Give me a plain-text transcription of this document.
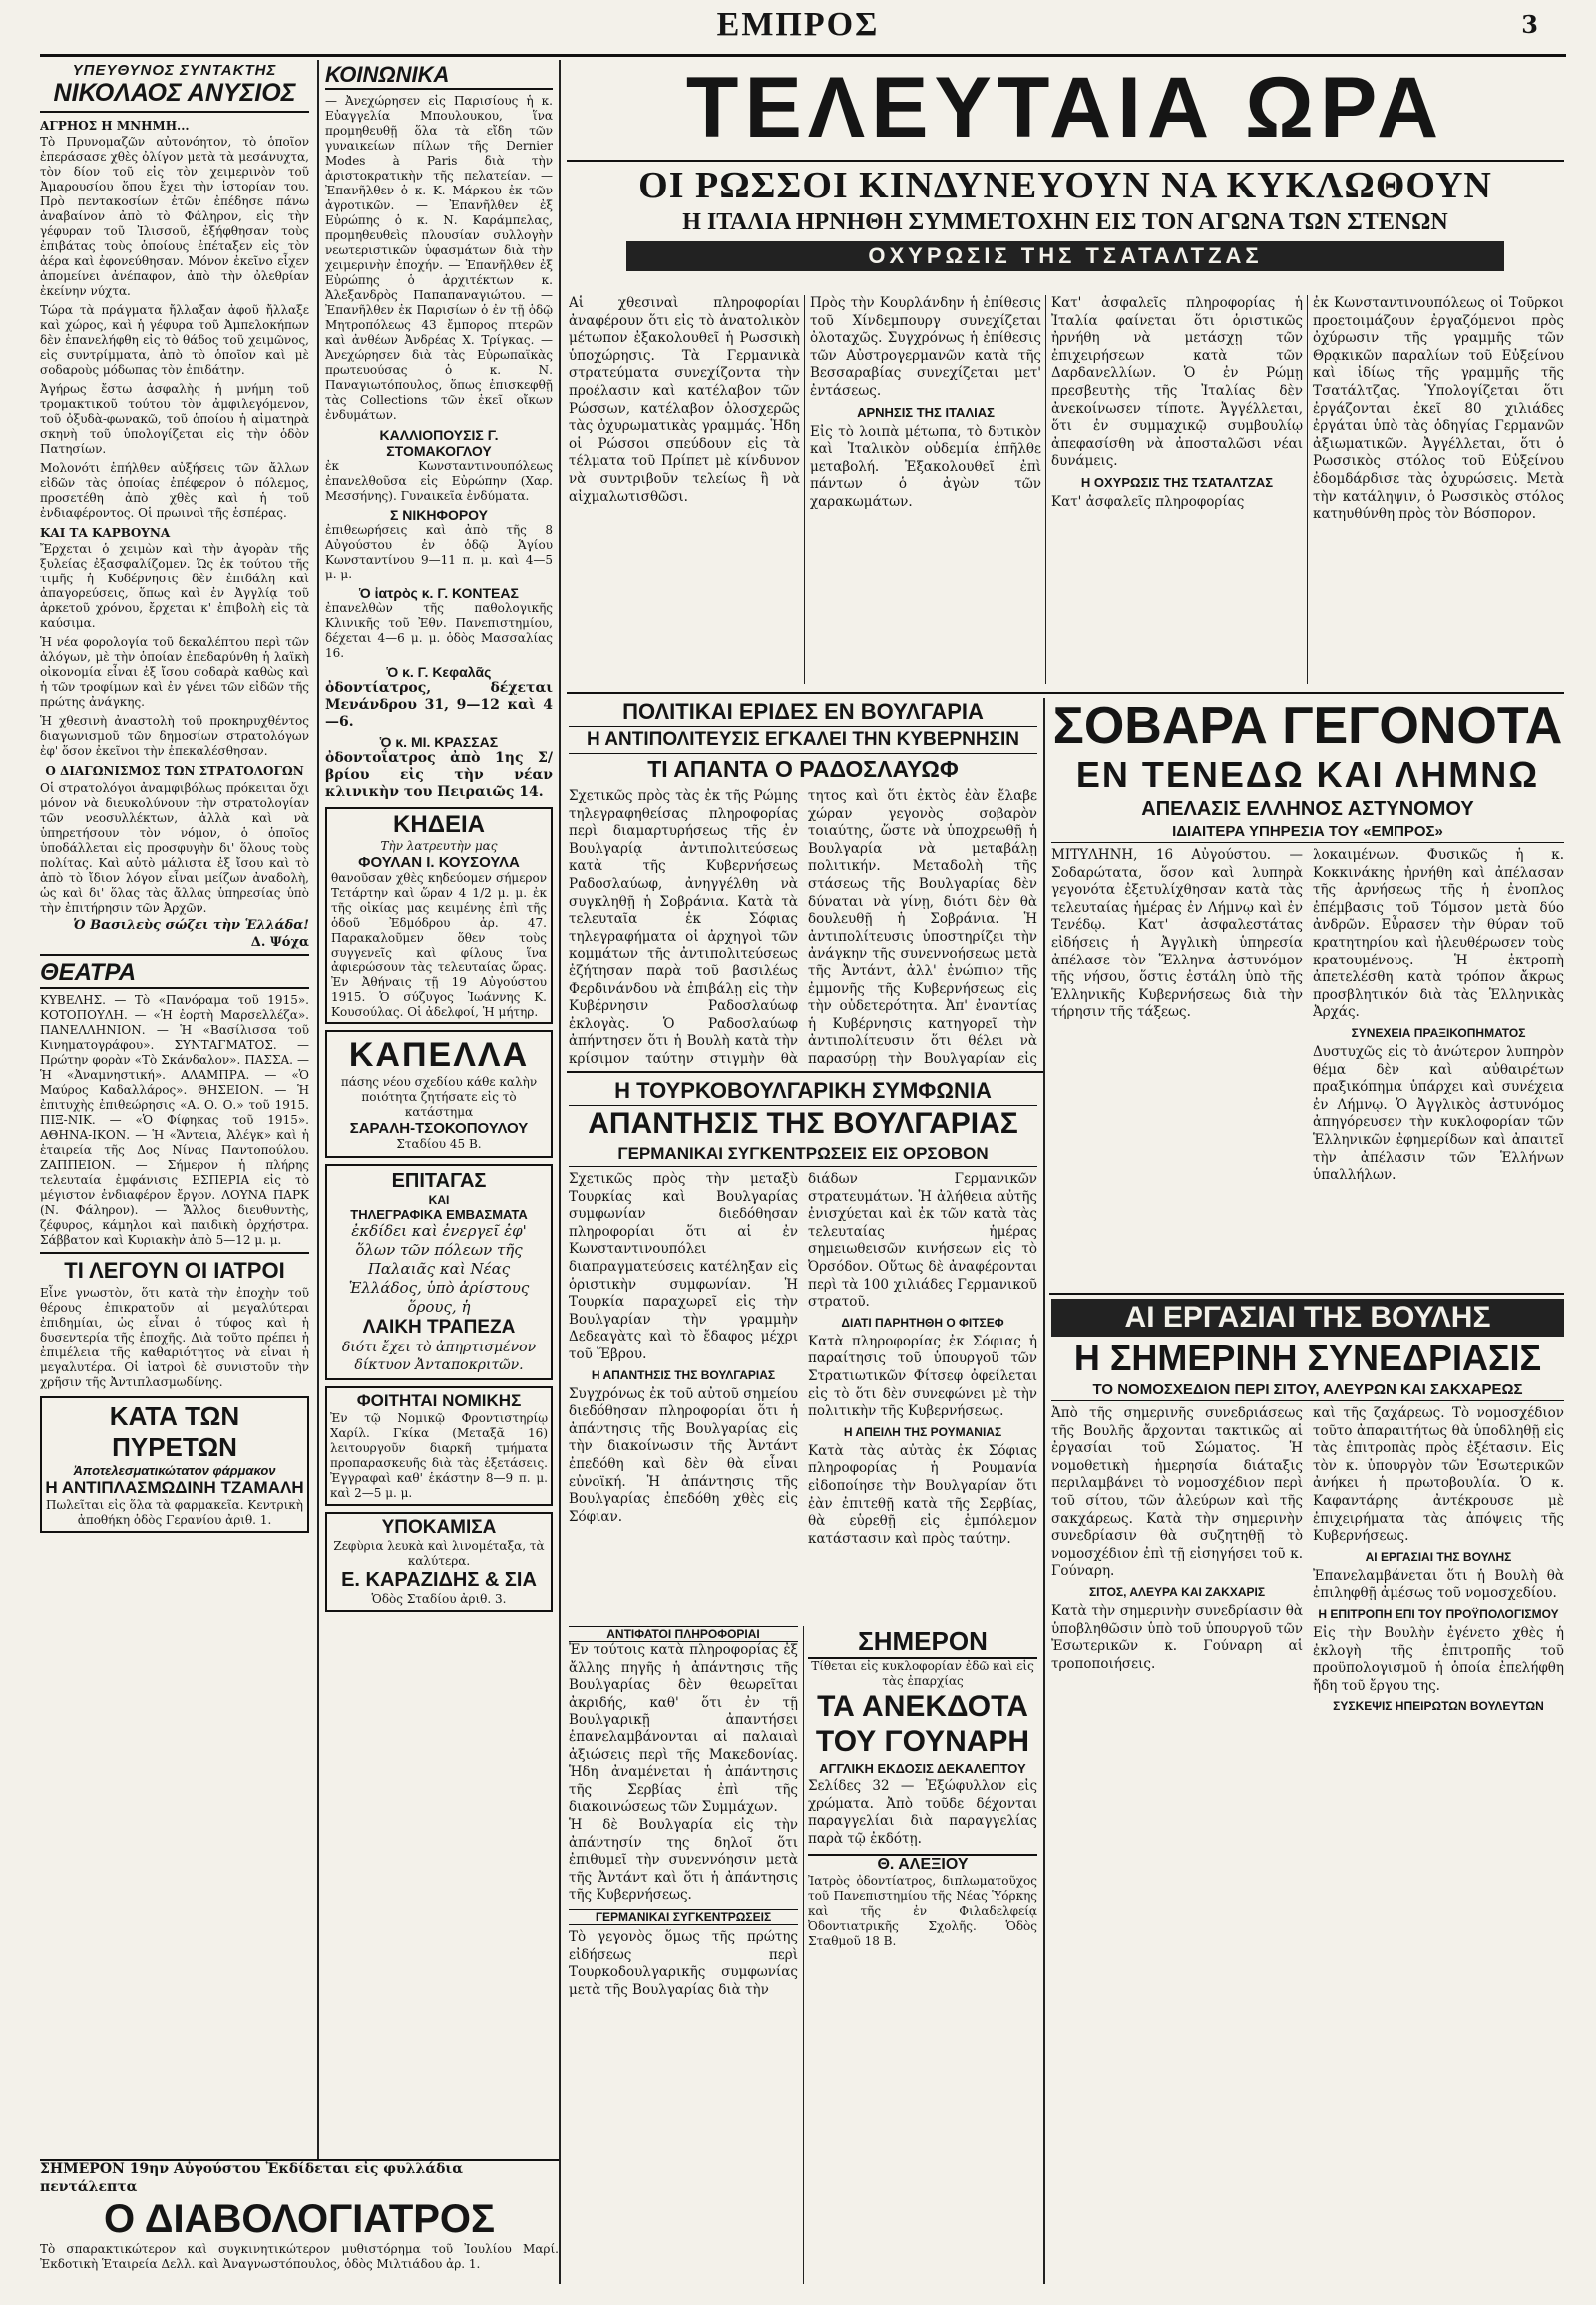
ΕΜΠΡΟΣ	3

ΥΠΕΥΘΥΝΟΣ ΣΥΝΤΑΚΤΗΣ

ΝΙΚΟΛΑΟΣ ΑΝΥΣΙΟΣ

ΑΓΡΗΟΣ Η ΜΝΗΜΗ...

Τὸ Πρυνομαζῶν αὐτονόητον, τὸ ὁποῖον ἐπεράσασε χθὲς ὀλίγον μετὰ τὰ μεσάνυχτα, τὸν δίον τοῦ εἰς τὸν χειμερινὸν τοῦ Ἀμαρουσίου ὅπου ἔχει τὴν ἱστορίαν του. Πρὸ πεντακοσίων ἐτῶν ἐπέδησε πάνω ἀναβαίνον ἀπὸ τὸ Φάληρον, εἰς τὴν γέφυραν τοῦ Ἰλισσοῦ, ἐξήφθησαν τοὺς ἐπιβάτας τοὺς ὁποίους ἐπέταξεν εἰς τὸν ἀέρα καὶ ἐφονεύθησαν. Μόνον ἐκεῖνο εἶχεν ἀπομείνει ἀνέπαφον, ἀπὸ τὴν ὀλεθρίαν ἐκείνην νύχτα.

Τώρα τὰ πράγματα ἤλλαξαν ἀφοῦ ἤλλαξε καὶ χώρος, καὶ ἡ γέφυρα τοῦ Ἀμπελοκήπων δὲν ἐπανελήφθη εἰς τὸ θάδος τοῦ χειμῶνος, εἰς συντρίμματα, ἀπὸ τὸ ὁποῖον καὶ μὲ σοδαροὺς μόδωπας τὸν ἐπιδάτην.

Ἀγήρως ἔστω ἀσφαλὴς ἡ μνήμη τοῦ τρομακτικοῦ τούτου τὸν ἀμφιλεγόμενον, τοῦ ὀξυδὰ-φωνακῶ, τοῦ ὁποίου ἡ αἰματηρὰ σκηνὴ τοῦ ὑπολογίζεται εἰς τὴν ὁδὸν Πατησίων.

Μολονότι ἐπήλθεν αὐξήσεις τῶν ἄλλων εἰδῶν τὰς ὁποίας ἐπέφερον ὁ πόλεμος, προσετέθη ἀπὸ χθὲς καὶ ἡ τοῦ ἐνδιαφέροντος. Οἱ πρωινοὶ τῆς ἑσπέρας.

ΚΑΙ ΤΑ ΚΑΡΒΟΥΝΑ

Ἔρχεται ὁ χειμὼν καὶ τὴν ἀγορὰν τῆς ξυλείας ἐξασφαλίζομεν. Ὡς ἐκ τούτου τῆς τιμῆς ἡ Κυδέρνησις δὲν ἐπιδάλη καὶ ἀπαγορεύσεις, ὅπως καὶ ἐν Ἀγγλίᾳ τοῦ ἀρκετοῦ χρόνου, ἔρχεται κ' ἐπιβολὴ εἰς τὰ καύσιμα.

Ἡ νέα φορολογία τοῦ δεκαλέπτου περὶ τῶν ἀλόγων, μὲ τὴν ὁποίαν ἐπεδαρύνθη ἡ λαϊκὴ οἰκονομία εἶναι ἐξ ἴσου σοδαρὰ καθὼς καὶ ἡ τῶν τροφίμων καὶ ἐν γένει τῶν εἰδῶν τῆς πρώτης ἀνάγκης.

Ἡ χθεσινὴ ἀναστολὴ τοῦ προκηρυχθέντος διαγωνισμοῦ τῶν δημοσίων στρατολόγων ἐφ' ὅσον ἐκεῖνοι τὴν ἐπεκαλέσθησαν.

Ο ΔΙΑΓΩΝΙΣΜΟΣ ΤΩΝ ΣΤΡΑΤΟΛΟΓΩΝ

Οἱ στρατολόγοι ἀναμφιβόλως πρόκειται ὄχι μόνον νὰ διευκολύνουν τὴν στρατολογίαν τῶν νεοσυλλέκτων, ἀλλὰ καὶ νὰ ὑπηρετήσουν τὸν νόμον, ὁ ὁποῖος ὑποδάλλεται εἰς προσφυγὴν δι' ὅλους τοὺς πολίτας. Καὶ αὐτὸ μάλιστα ἐξ ἴσου καὶ τὸ ἀπὸ τὸ ἴδιον λόγον εἶναι μείζων ἀναδολὴ, ὡς καὶ δι' ὅλας τὰς ἄλλας ὑπηρεσίας ὑπὸ τὴν ἐπιτήρησιν τῶν Ἀρχῶν.

Ὁ Βασιλεὺς σώζει τὴν Ἑλλάδα!

Δ. Ψόχα

ΘΕΑΤΡΑ

ΚΥΒΕΛΗΣ. — Τὸ «Πανόραμα τοῦ 1915». ΚΟΤΟΠΟΥΛΗ. — «Ἡ ἐορτὴ Μαρσελλέζα». ΠΑΝΕΛΛΗΝΙΟΝ. — Ἡ «Βασίλισσα τοῦ Κινηματογράφου». ΣΥΝΤΑΓΜΑΤΟΣ. — Πρώτην φορὰν «Τὸ Σκάνδαλον». ΠΑΣΣΑ. — Ἡ «Ἀναμνηστική». ΑΛΑΜΠΡΑ. — «Ὁ Μαύρος Καδαλλάρος». ΘΗΣΕΙΟΝ. — Ἡ ἐπιτυχὴς ἐπιθεώρησις «Α. Ο. Ο.» τοῦ 1915. ΠΙΞ-ΝΙΚ. — «Ὁ Φίφηκας τοῦ 1915». ΑΘΗΝΑ-ΙΚΟΝ. — Ἡ «Ἄντεια, Ἀλέγκ» καὶ ἡ ἑταιρεία τῆς Δος Νίνας Παντοπούλου. ΖΑΠΠΕΙΟΝ. — Σήμερον ἡ πλήρης τελευταία ἐμφάνισις ΕΣΠΕΡΙΑ εἰς τὸ μέγιστον ἐνδιαφέρον ἔργον. ΛΟΥΝΑ ΠΑΡΚ (Ν. Φάληρον). — Ἄλλος διευθυντὴς, ζέφυρος, κάμηλοι καὶ παιδικὴ ὀρχήστρα. Σάββατον καὶ Κυριακὴν ἀπὸ 5—12 μ. μ.

ΤΙ ΛΕΓΟΥΝ ΟΙ ΙΑΤΡΟΙ

Εἶνε γνωστὸν, ὅτι κατὰ τὴν ἐποχὴν τοῦ θέρους ἐπικρατοῦν αἱ μεγαλύτεραι ἐπιδημίαι, ὡς εἶναι ὁ τύφος καὶ ἡ δυσεντερία τῆς ἐποχῆς. Διὰ τοῦτο πρέπει ἡ ἐπιμέλεια τῆς καθαριότητος νὰ εἶναι ἡ μεγαλυτέρα. Οἱ ἰατροὶ δὲ συνιστοῦν τὴν χρῆσιν τῆς Ἀντιπλασμωδίνης.

ΚΑΤΑ ΤΩΝ ΠΥΡΕΤΩΝ

Ἀποτελεσματικώτατον φάρμακον

Η ΑΝΤΙΠΛΑΣΜΩΔΙΝΗ ΤΖΑΜΑΛΗ

Πωλεῖται εἰς ὅλα τὰ φαρμακεῖα. Κεντρικὴ ἀποθήκη ὁδὸς Γερανίου ἀριθ. 1.

ΣΗΜΕΡΟΝ 19ην Αὐγούστου Ἐκδίδεται εἰς φυλλάδια πεντάλεπτα

Ο ΔΙΑΒΟΛΟΓΙΑΤΡΟΣ

Τὸ σπαρακτικώτερον καὶ συγκινητικώτερον μυθιστόρημα τοῦ Ἰουλίου Μαρί. Ἐκδοτικὴ Ἑταιρεία Δελλ. καὶ Ἀναγνωστόπουλος, ὁδὸς Μιλτιάδου ἀρ. 1.

ΚΟΙΝΩΝΙΚΑ

— Ἀνεχώρησεν εἰς Παρισίους ἡ κ. Εὐαγγελία Μπουλουκου, ἵνα προμηθευθῇ ὅλα τὰ εἴδη τῶν γυναικείων πίλων τῆς Dernier Modes à Paris διὰ τὴν ἀριστοκρατικὴν τῆς πελατείαν. — Ἐπανῆλθεν ὁ κ. Κ. Μάρκου ἐκ τῶν ἀγροτικῶν. — Ἐπανῆλθεν ἐξ Εὐρώπης ὁ κ. Ν. Καράμπελας, προμηθευθεὶς πλουσίαν συλλογὴν νεωτεριστικῶν ὑφασμάτων διὰ τὴν χειμερινὴν ἐποχήν. — Ἐπανῆλθεν ἐξ Εὐρώπης ὁ ἀρχιτέκτων κ. Ἀλεξανδρὸς Παπαπαναγιώτου. — Ἐπανῆλθεν ἐκ Παρισίων ὁ ἐν τῇ ὁδῷ Μητροπόλεως 43 ἔμπορος πτερῶν καὶ ἀνθέων Ἀνδρέας Χ. Τρίγκας. — Ἀνεχώρησεν διὰ τὰς Εὐρωπαϊκὰς πρωτευούσας ὁ κ. Ν. Παναγιωτόπουλος, ὅπως ἐπισκεφθῇ τὰς Collections τῶν ἐκεῖ οἴκων ἐνδυμάτων.

ΚΑΛΛΙΟΠΟΥΣΙΣ Γ. ΣΤΟΜΑΚΟΓΛΟΥ

ἐκ Κωνσταντινουπόλεως ἐπανελθοῦσα εἰς Εὐρώπην (Χαρ. Μεσσήνης). Γυναικεῖα ἐνδύματα.

Σ ΝΙΚΗΦΟΡΟΥ

ἐπιθεωρήσεις καὶ ἀπὸ τῆς 8 Αὐγούστου ἐν ὁδῷ Ἁγίου Κωνσταντίνου 9—11 π. μ. καὶ 4—5 μ. μ.

Ὁ ἰατρὸς κ. Γ. ΚΟΝΤΕΑΣ

ἐπανελθὼν τῆς παθολογικῆς Κλινικῆς τοῦ Ἐθν. Πανεπιστημίου, δέχεται 4—6 μ. μ. ὁδὸς Μασσαλίας 16.

Ὁ κ. Γ. Κεφαλᾶς

ὀδοντίατρος, δέχεται Μενάνδρου 31, 9—12 καὶ 4—6.

Ὁ κ. ΜΙ. ΚΡΑΣΣΑΣ

ὀδοντοΐατρος ἀπὸ 1ης Σ/βρίου εἰς τὴν νέαν κλινικὴν του Πειραιῶς 14.

ΚΗΔΕΙΑ

Τὴν λατρευτὴν μας

ΦΟΥΛΑΝ Ι. ΚΟΥΣΟΥΛΑ

θανοῦσαν χθὲς κηδεύομεν σήμερον Τετάρτην καὶ ὥραν 4 1/2 μ. μ. ἐκ τῆς οἰκίας μας κειμένης ἐπὶ τῆς ὁδοῦ Ἐδμόδρου ἀρ. 47. Παρακαλοῦμεν ὅθεν τοὺς συγγενεῖς καὶ φίλους ἵνα ἀφιερώσουν τὰς τελευταίας ὥρας. Ἐν Ἀθήναις τῇ 19 Αὐγούστου 1915. Ὁ σύζυγος Ἰωάννης Κ. Κουσούλας. Οἱ ἀδελφοί, Ἡ μήτηρ.

ΚΑΠΕΛΛΑ

πάσης νέου σχεδίου κάθε καλὴν ποιότητα ζητήσατε εἰς τὸ κατάστημα

ΣΑΡΑΛΗ-ΤΣΟΚΟΠΟΥΛΟΥ

Σταδίου 45 Β.

ΕΠΙΤΑΓΑΣ

ΚΑΙ

ΤΗΛΕΓΡΑΦΙΚΑ ΕΜΒΑΣΜΑΤΑ

ἐκδίδει καὶ ἐνεργεῖ ἐφ' ὅλων τῶν πόλεων τῆς Παλαιᾶς καὶ Νέας Ἑλλάδος, ὑπὸ ἀρίστους ὅρους, ἡ

ΛΑΙΚΗ ΤΡΑΠΕΖΑ

διότι ἔχει τὸ ἀπηρτισμένον δίκτυον Ἀνταποκριτῶν.

ΦΟΙΤΗΤΑΙ ΝΟΜΙΚΗΣ

Ἐν τῷ Νομικῷ Φροντιστηρίῳ Χαρίλ. Γκίκα (Μεταξᾶ 16) λειτουργοῦν διαρκῆ τμήματα προπαρασκευῆς διὰ τὰς ἐξετάσεις. Ἐγγραφαὶ καθ' ἑκάστην 8—9 π. μ. καὶ 2—5 μ. μ.

ΥΠΟΚΑΜΙΣΑ

Ζεφὺρια λευκὰ καὶ λινομέταξα, τὰ καλύτερα.

Ε. ΚΑΡΑΖΙΔΗΣ & ΣΙΑ

Ὁδὸς Σταδίου ἀριθ. 3.

ΤΕΛΕΥΤΑΙΑ ΩΡΑ

ΟΙ ΡΩΣΣΟΙ ΚΙΝΔΥΝΕΥΟΥΝ ΝΑ ΚΥΚΛΩΘΟΥΝ

Η ΙΤΑΛΙΑ ΗΡΝΗΘΗ ΣΥΜΜΕΤΟΧΗΝ ΕΙΣ ΤΟΝ ΑΓΩΝΑ ΤΩΝ ΣΤΕΝΩΝ

ΟΧΥΡΩΣΙΣ ΤΗΣ ΤΣΑΤΑΛΤΖΑΣ

Αἱ χθεσιναὶ πληροφορίαι ἀναφέρουν ὅτι εἰς τὸ ἀνατολικὸν μέτωπον ἐξακολουθεῖ ἡ Ρωσσικὴ ὑποχώρησις. Τὰ Γερμανικὰ στρατεύματα συνεχίζοντα τὴν προέλασιν καὶ κατέλαβον τῶν Ρώσσων, κατέλαβον ὁλοσχερῶς τὰς ὀχυρωματικὰς γραμμάς. Ἡδη οἱ Ρώσσοι σπεύδουν εἰς τὰ τέλματα τοῦ Πρίπετ μὲ κίνδυνον νὰ συντριβοῦν τελείως ἢ νὰ αἰχμαλωτισθῶσι.

Πρὸς τὴν Κουρλάνδην ἡ ἐπίθεσις τοῦ Χίνδεμπουργ συνεχίζεται ὀλοταχῶς. Συγχρόνως ἡ ἐπίθεσις τῶν Αὐστρογερμανῶν κατὰ τῆς Βεσσαραβίας συνεχίζεται μετ' ἐντάσεως.

ΑΡΝΗΣΙΣ ΤΗΣ ΙΤΑΛΙΑΣ

Εἰς τὸ λοιπὰ μέτωπα, τὸ δυτικὸν καὶ Ἰταλικὸν οὐδεμία ἐπῆλθε μεταβολή. Ἐξακολουθεῖ ἐπὶ πάντων ὁ ἀγὼν τῶν χαρακωμάτων.

Κατ' ἀσφαλεῖς πληροφορίας ἡ Ἰταλία φαίνεται ὅτι ὁριστικῶς ἠρνήθη νὰ μετάσχῃ τῶν ἐπιχειρήσεων κατὰ τῶν Δαρδανελλίων. Ὁ ἐν Ρώμῃ πρεσβευτὴς τῆς Ἰταλίας δὲν ἀνεκοίνωσεν τίποτε. Ἀγγέλλεται, ὅτι ἐν συμμαχικῷ συμβουλίῳ ἀπεφασίσθη νὰ ἀποσταλῶσι νέαι δυνάμεις.

Η ΟΧΥΡΩΣΙΣ ΤΗΣ ΤΣΑΤΑΛΤΖΑΣ

Κατ' ἀσφαλεῖς πληροφορίας

ἐκ Κωνσταντινουπόλεως οἱ Τοῦρκοι προετοιμάζουν ἐργαζόμενοι πρὸς ὀχύρωσιν τῆς γραμμῆς τῶν Θρᾳκικῶν παραλίων τοῦ Εὐξείνου καὶ ἰδίως τῆς γραμμῆς τῆς Τσατάλτζας. Ὑπολογίζεται ὅτι ἐργάζονται ἐκεῖ 80 χιλιάδες ἐργάται ὑπὸ τὰς ὁδηγίας Γερμανῶν ἀξιωματικῶν. Ἀγγέλλεται, ὅτι ὁ Ρωσσικὸς στόλος τοῦ Εὐξείνου ἐδομδάρδισε τὰς ὀχυρώσεις. Μετὰ τὴν κατάληψιν, ὁ Ρωσσικὸς στόλος κατηυθύνθη πρὸς τὸν Βόσπορον.

ΠΟΛΙΤΙΚΑΙ ΕΡΙΔΕΣ ΕΝ ΒΟΥΛΓΑΡΙΑ

Η ΑΝΤΙΠΟΛΙΤΕΥΣΙΣ ΕΓΚΑΛΕΙ ΤΗΝ ΚΥΒΕΡΝΗΣΙΝ

ΤΙ ΑΠΑΝΤΑ Ο ΡΑΔΟΣΛΑΥΩΦ

Σχετικῶς πρὸς τὰς ἐκ τῆς Ρώμης τηλεγραφηθείσας πληροφορίας περὶ διαμαρτυρήσεως τῆς ἐν Βουλγαρίᾳ ἀντιπολιτεύσεως κατὰ τῆς Κυβερνήσεως Ραδοσλαύωφ, ἀνηγγέλθη νὰ συγκληθῇ ἡ Σοβράνια. Κατὰ τὰ τελευταῖα ἐκ Σόφιας τηλεγραφήματα οἱ ἀρχηγοὶ τῶν κομμάτων τῆς ἀντιπολιτεύσεως ἐζήτησαν παρὰ τοῦ βασιλέως Φερδινάνδου νὰ ἐπιβάλῃ εἰς τὴν Κυβέρνησιν Ραδοσλαύωφ ἐκλογὰς. Ὁ Ραδοσλαύωφ ἀπήντησεν ὅτι ἡ Βουλὴ κατὰ τὴν κρίσιμον ταύτην στιγμὴν θὰ

τητος καὶ ὅτι ἐκτὸς ἐὰν ἔλαβε χώραν γεγονὸς σοβαρὸν τοιαύτης, ὥστε νὰ ὑποχρεωθῇ ἡ Βουλγαρία νὰ μεταβάλῃ πολιτικήν. Μεταδολὴ τῆς στάσεως τῆς Βουλγαρίας δὲν δύναται νὰ γίνῃ, διότι δὲν θὰ δουλευθῇ ἡ Σοβράνια. Ἡ ἀντιπολίτευσις ὑποστηρίζει τὴν ἀνάγκην τῆς συνεννοήσεως μετὰ τῆς Ἀντάντ, ἀλλ' ἐνώπιον τῆς ἐμμονῆς τῆς Κυβερνήσεως εἰς τὴν οὐδετερότητα. Ἀπ' ἐναντίας ἡ Κυβέρνησις κατηγορεῖ τὴν ἀντιπολίτευσιν ὅτι θέλει νὰ παρασύρῃ τὴν Βουλγαρίαν εἰς

ΣΟΒΑΡΑ ΓΕΓΟΝΟΤΑ

ΕΝ ΤΕΝΕΔΩ ΚΑΙ ΛΗΜΝΩ

ΑΠΕΛΑΣΙΣ ΕΛΛΗΝΟΣ ΑΣΤΥΝΟΜΟΥ

ΙΔΙΑΙΤΕΡΑ ΥΠΗΡΕΣΙΑ ΤΟΥ «ΕΜΠΡΟΣ»

ΜΙΤΥΛΗΝΗ, 16 Αὐγούστου. — Σοδαρώτατα, ὅσον καὶ λυπηρὰ γεγονότα ἐξετυλίχθησαν κατὰ τὰς τελευταίας ἡμέρας ἐν Λήμνῳ καὶ ἐν Τενέδῳ. Κατ' ἀσφαλεστάτας εἰδήσεις ἡ Ἀγγλικὴ ὑπηρεσία ἀπέλασε τὸν Ἕλληνα ἀστυνόμον τῆς νήσου, ὅστις ἐστάλη ὑπὸ τῆς Ἑλληνικῆς Κυβερνήσεως διὰ τὴν τήρησιν τῆς τάξεως.

λοκαιμένων. Φυσικῶς ἡ κ. Κοκκινάκης ἠρνήθη καὶ ἀπέλασαν τῆς ἀρνήσεως τῆς ἡ ἐνοπλος ἐπέμβασις τοῦ Τόμσον μετὰ δύο ἀνδρῶν. Εὗρασεν τὴν θύραν τοῦ κρατητηρίου καὶ ἠλευθέρωσεν τοὺς κρατουμένους. Ἡ ἐκτροπὴ ἀπετελέσθη κατὰ τρόπον ἄκρως προσβλητικόν διὰ τὰς Ἑλληνικὰς Ἀρχάς.

ΣΥΝΕΧΕΙΑ ΠΡΑΞΙΚΟΠΗΜΑΤΟΣ

Δυστυχῶς εἰς τὸ ἀνώτερον λυπηρὸν θέμα δὲν καὶ αὐθαιρέτων πραξικόπημα ὑπάρχει καὶ συνέχεια ἐν Λήμνῳ. Ὁ Ἀγγλικὸς ἀστυνόμος ἀπηγόρευσεν τὴν κυκλοφορίαν τῶν Ἑλληνικῶν ἐφημερίδων καὶ ἀπαιτεῖ τὴν ἀπέλασιν τῶν Ἑλλήνων ὑπαλλήλων.

Η ΤΟΥΡΚΟΒΟΥΛΓΑΡΙΚΗ ΣΥΜΦΩΝΙΑ

ΑΠΑΝΤΗΣΙΣ ΤΗΣ ΒΟΥΛΓΑΡΙΑΣ

ΓΕΡΜΑΝΙΚΑΙ ΣΥΓΚΕΝΤΡΩΣΕΙΣ ΕΙΣ ΟΡΣΟΒΟΝ

Σχετικῶς πρὸς τὴν μεταξὺ Τουρκίας καὶ Βουλγαρίας συμφωνίαν διεδόθησαν πληροφορίαι ὅτι αἱ ἐν Κωνσταντινουπόλει διαπραγματεύσεις κατέληξαν εἰς ὁριστικὴν συμφωνίαν. Ἡ Τουρκία παραχωρεῖ εἰς τὴν Βουλγαρίαν τὴν γραμμὴν Δεδεαγὰτς καὶ τὸ ἔδαφος μέχρι τοῦ Ἕβρου.

Η ΑΠΑΝΤΗΣΙΣ ΤΗΣ ΒΟΥΛΓΑΡΙΑΣ

Συγχρόνως ἐκ τοῦ αὐτοῦ σημείου διεδόθησαν πληροφορίαι ὅτι ἡ ἀπάντησις τῆς Βουλγαρίας εἰς τὴν διακοίνωσιν τῆς Ἀντάντ ἐπεδόθη καὶ δὲν θὰ εἶναι εὐνοϊκή. Ἡ ἀπάντησις τῆς Βουλγαρίας ἐπεδόθη χθὲς εἰς Σόφιαν.

διάδων Γερμανικῶν στρατευμάτων. Ἡ ἀλήθεια αὐτῆς ἐνισχύεται καὶ ἐκ τῶν κατὰ τὰς τελευταίας ἡμέρας σημειωθεισῶν κινήσεων εἰς τὸ Ὀρσόδον. Οὕτως δὲ ἀναφέρονται περὶ τὰ 100 χιλιάδες Γερμανικοῦ στρατοῦ.

ΔΙΑΤΙ ΠΑΡΗΤΗΘΗ Ο ΦΙΤΣΕΦ

Κατὰ πληροφορίας ἐκ Σόφιας ἡ παραίτησις τοῦ ὑπουργοῦ τῶν Στρατιωτικῶν Φίτσεφ ὀφείλεται εἰς τὸ ὅτι δὲν συνεφώνει μὲ τὴν πολιτικὴν τῆς Κυβερνήσεως.

Η ΑΠΕΙΛΗ ΤΗΣ ΡΟΥΜΑΝΙΑΣ

Κατὰ τὰς αὐτὰς ἐκ Σόφιας πληροφορίας ἡ Ρουμανία εἰδοποίησε τὴν Βουλγαρίαν ὅτι ἐὰν ἐπιτεθῇ κατὰ τῆς Σερβίας, θὰ εὑρεθῇ εἰς ἐμπόλεμον κατάστασιν καὶ πρὸς ταύτην.

ΑΝΤΙΦΑΤΟΙ ΠΛΗΡΟΦΟΡΙΑΙ

Ἐν τούτοις κατὰ πληροφορίας ἐξ ἄλλης πηγῆς ἡ ἀπάντησις τῆς Βουλγαρίας δὲν θεωρεῖται ἀκριδής, καθ' ὅτι ἐν τῇ Βουλγαρικῇ ἀπαντήσει ἐπανελαμβάνονται αἱ παλαιαὶ ἀξιώσεις περὶ τῆς Μακεδονίας. Ἡδη ἀναμένεται ἡ ἀπάντησις τῆς Σερβίας ἐπὶ τῆς διακοινώσεως τῶν Συμμάχων.

Ἡ δὲ Βουλγαρία εἰς τὴν ἀπάντησίν της δηλοῖ ὅτι ἐπιθυμεῖ τὴν συνεννόησιν μετὰ τῆς Ἀντάντ καὶ ὅτι ἡ ἀπάντησις τῆς Κυβερνήσεως.

ΓΕΡΜΑΝΙΚΑΙ ΣΥΓΚΕΝΤΡΩΣΕΙΣ

Τὸ γεγονὸς ὅμως τῆς πρώτης εἰδήσεως περὶ Τουρκοδουλγαρικῆς συμφωνίας μετὰ τῆς Βουλγαρίας διὰ τὴν

ΣΗΜΕΡΟΝ

Τίθεται εἰς κυκλοφορίαν ἐδῶ καὶ εἰς τὰς ἐπαρχίας

ΤΑ ΑΝΕΚΔΟΤΑ

ΤΟΥ ΓΟΥΝΑΡΗ

ΑΓΓΛΙΚΗ ΕΚΔΟΣΙΣ ΔΕΚΑΛΕΠΤΟΥ

Σελίδες 32 — Ἐξώφυλλον εἰς χρώματα. Ἀπὸ τοῦδε δέχονται παραγγελίαι διὰ παραγγελίας παρὰ τῷ ἐκδότῃ.

Θ. ΑΛΕΞΙΟΥ

Ἰατρὸς ὀδοντίατρος, διπλωματοῦχος τοῦ Πανεπιστημίου τῆς Νέας Ὑόρκης καὶ τῆς ἐν Φιλαδελφείᾳ Ὀδοντιατρικῆς Σχολῆς. Ὁδὸς Σταθμοῦ 18 Β.

ΑΙ ΕΡΓΑΣΙΑΙ ΤΗΣ ΒΟΥΛΗΣ

Η ΣΗΜΕΡΙΝΗ ΣΥΝΕΔΡΙΑΣΙΣ

ΤΟ ΝΟΜΟΣΧΕΔΙΟΝ ΠΕΡΙ ΣΙΤΟΥ, ΑΛΕΥΡΩΝ ΚΑΙ ΣΑΚΧΑΡΕΩΣ

Ἀπὸ τῆς σημερινῆς συνεδριάσεως τῆς Βουλῆς ἄρχονται τακτικῶς αἱ ἐργασίαι τοῦ Σώματος. Ἡ νομοθετικὴ ἡμερησία διάταξις περιλαμβάνει τὸ νομοσχέδιον περὶ τοῦ σίτου, τῶν ἀλεύρων καὶ τῆς σακχάρεως. Κατὰ τὴν σημερινὴν συνεδρίασιν θὰ συζητηθῇ τὸ νομοσχέδιον ἐπὶ τῇ εἰσηγήσει τοῦ κ. Γούναρη.

ΣΙΤΟΣ, ΑΛΕΥΡΑ ΚΑΙ ΖΑΚΧΑΡΙΣ

Κατὰ τὴν σημερινὴν συνεδρίασιν θὰ ὑποβληθῶσιν ὑπὸ τοῦ ὑπουργοῦ τῶν Ἐσωτερικῶν κ. Γούναρη αἱ τροποποιήσεις.

καὶ τῆς ζαχάρεως. Τὸ νομοσχέδιον τοῦτο ἀπαραιτήτως θὰ ὑποδληθῇ εἰς τὰς ἐπιτροπὰς πρὸς ἐξέτασιν. Εἰς τὸν κ. ὑπουργὸν τῶν Ἐσωτερικῶν ἀνήκει ἡ πρωτοβουλία. Ὁ κ. Καφαντάρης ἀντέκρουσε μὲ ἐπιχειρήματα τὰς ἀπόψεις τῆς Κυβερνήσεως.

ΑΙ ΕΡΓΑΣΙΑΙ ΤΗΣ ΒΟΥΛΗΣ

Ἐπανελαμβάνεται ὅτι ἡ Βουλὴ θὰ ἐπιληφθῇ ἀμέσως τοῦ νομοσχεδίου.

Η ΕΠΙΤΡΟΠΗ ΕΠΙ ΤΟΥ ΠΡΟΫΠΟΛΟΓΙΣΜΟΥ

Εἰς τὴν Βουλὴν ἐγένετο χθὲς ἡ ἐκλογὴ τῆς ἐπιτροπῆς τοῦ προϋπολογισμοῦ ἡ ὁποία ἐπελήφθη ἤδη τοῦ ἔργου της.

ΣΥΣΚΕΨΙΣ ΗΠΕΙΡΩΤΩΝ ΒΟΥΛΕΥΤΩΝ
